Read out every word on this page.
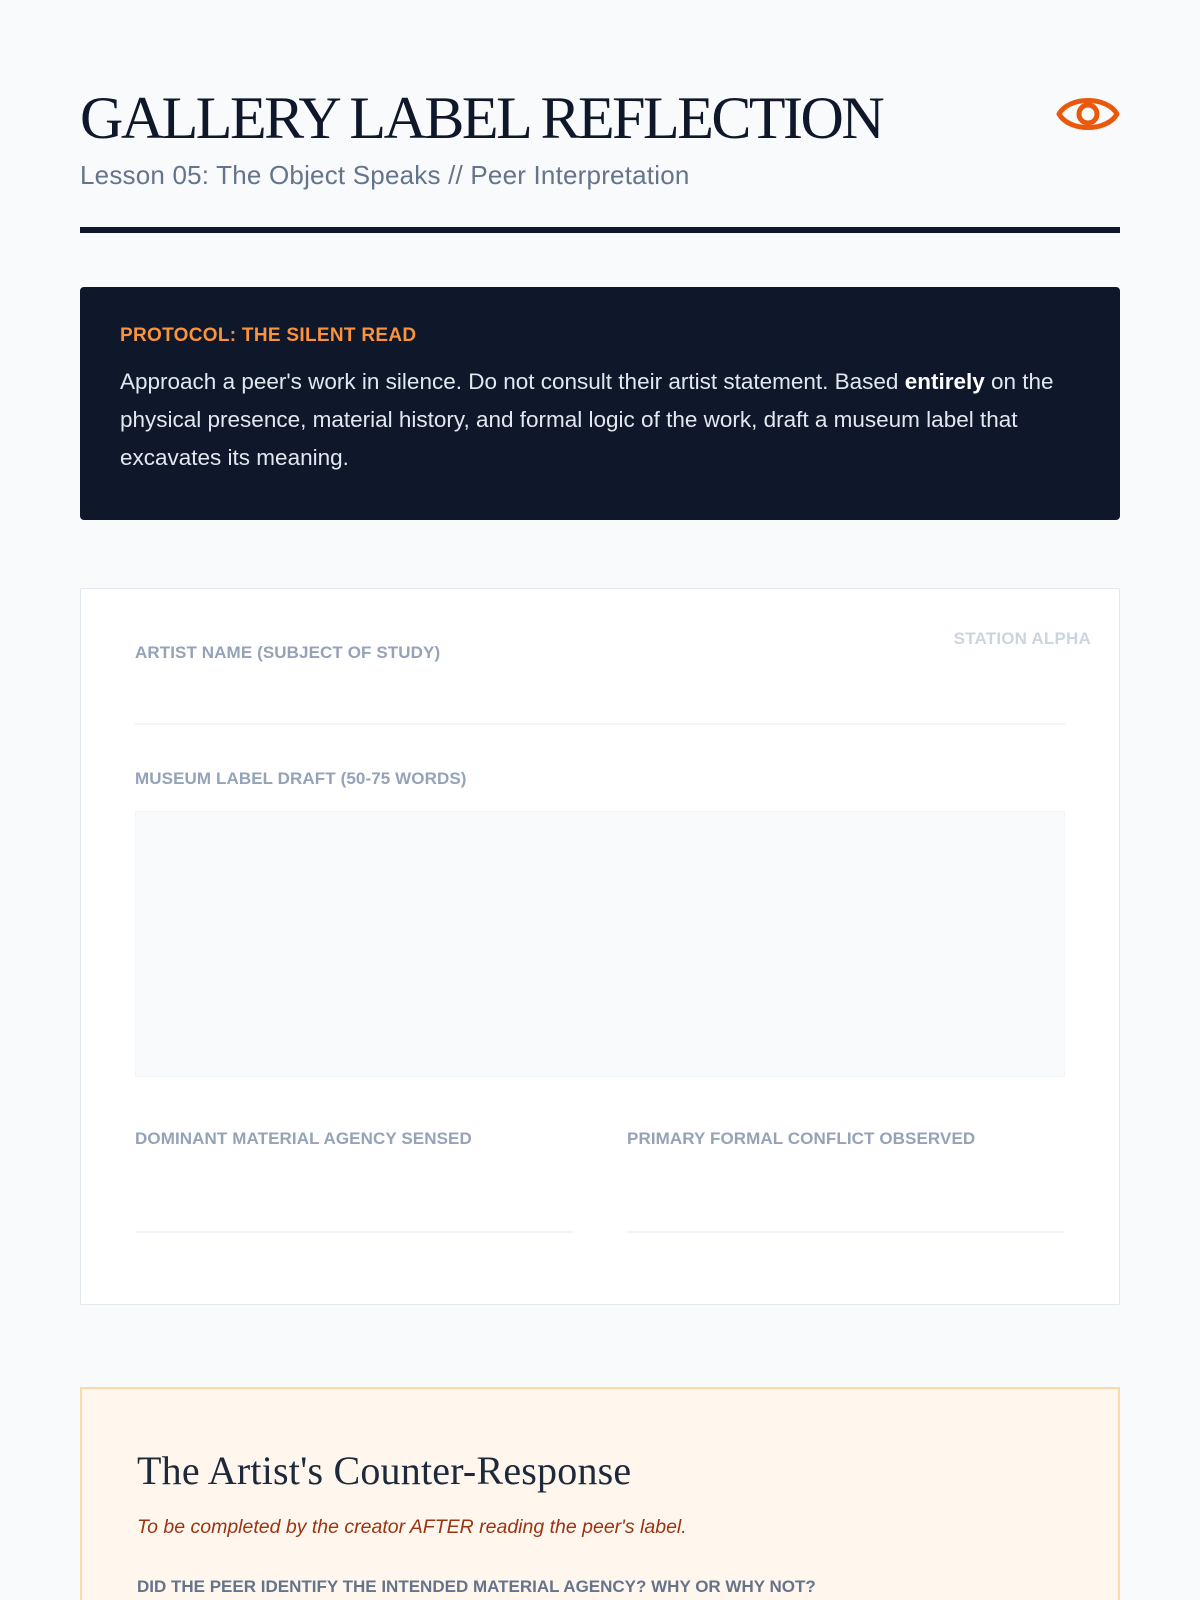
GALLERY LABEL REFLECTION
Lesson 05: The Object Speaks // Peer Interpretation
PROTOCOL: THE SILENT READ

Approach a peer's work in silence. Do not consult their artist statement. Based entirely on the physical presence, material history, and formal logic of the work, draft a museum label that excavates its meaning.

STATION ALPHA
ARTIST NAME (SUBJECT OF STUDY)
MUSEUM LABEL DRAFT (50-75 WORDS)
DOMINANT MATERIAL AGENCY SENSED	PRIMARY FORMAL CONFLICT OBSERVED
The Artist's Counter-Response

To be completed by the creator AFTER reading the peer's label.

DID THE PEER IDENTIFY THE INTENDED MATERIAL AGENCY? WHY OR WHY NOT?
